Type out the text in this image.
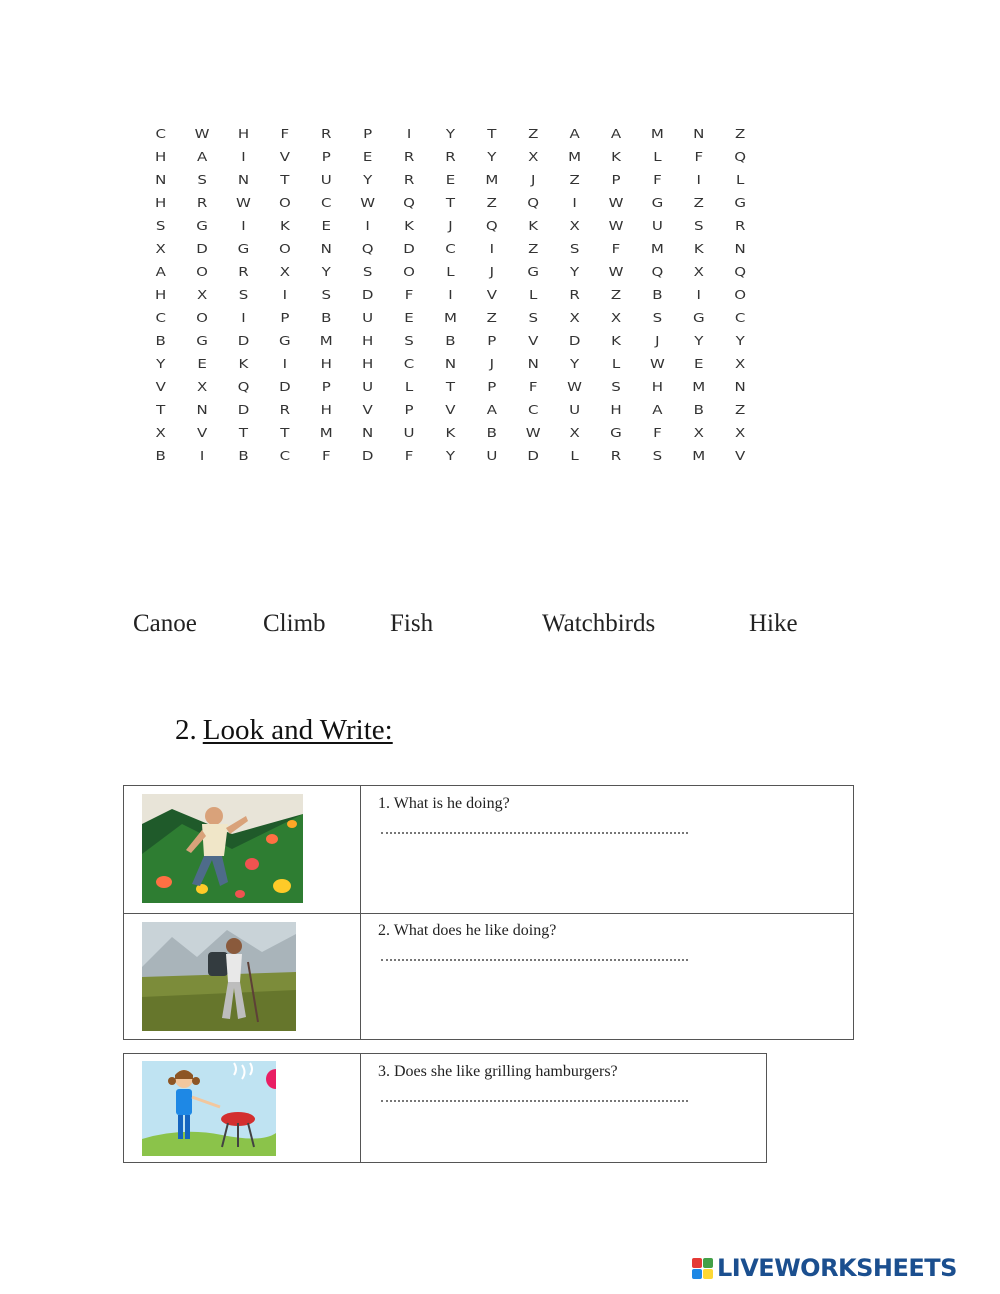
C	W	H	F	R	P	I	Y	T	Z	A	A	M	N	Z
H	A	I	V	P	E	R	R	Y	X	M	K	L	F	Q
N	S	N	T	U	Y	R	E	M	J	Z	P	F	I	L
H	R	W	O	C	W	Q	T	Z	Q	I	W	G	Z	G
S	G	I	K	E	I	K	J	Q	K	X	W	U	S	R
X	D	G	O	N	Q	D	C	I	Z	S	F	M	K	N
A	O	R	X	Y	S	O	L	J	G	Y	W	Q	X	Q
H	X	S	I	S	D	F	I	V	L	R	Z	B	I	O
C	O	I	P	B	U	E	M	Z	S	X	X	S	G	C
B	G	D	G	M	H	S	B	P	V	D	K	J	Y	Y
Y	E	K	I	H	H	C	N	J	N	Y	L	W	E	X
V	X	Q	D	P	U	L	T	P	F	W	S	H	M	N
T	N	D	R	H	V	P	V	A	C	U	H	A	B	Z
X	V	T	T	M	N	U	K	B	W	X	G	F	X	X
B	I	B	C	F	D	F	Y	U	D	L	R	S	M	V
Canoe	Climb	Fish	Watchbirds	Hike
2. Look and Write:
1. What is he doing?
2. What does he like doing?
3. Does she like grilling hamburgers?
LIVEWORKSHEETS
